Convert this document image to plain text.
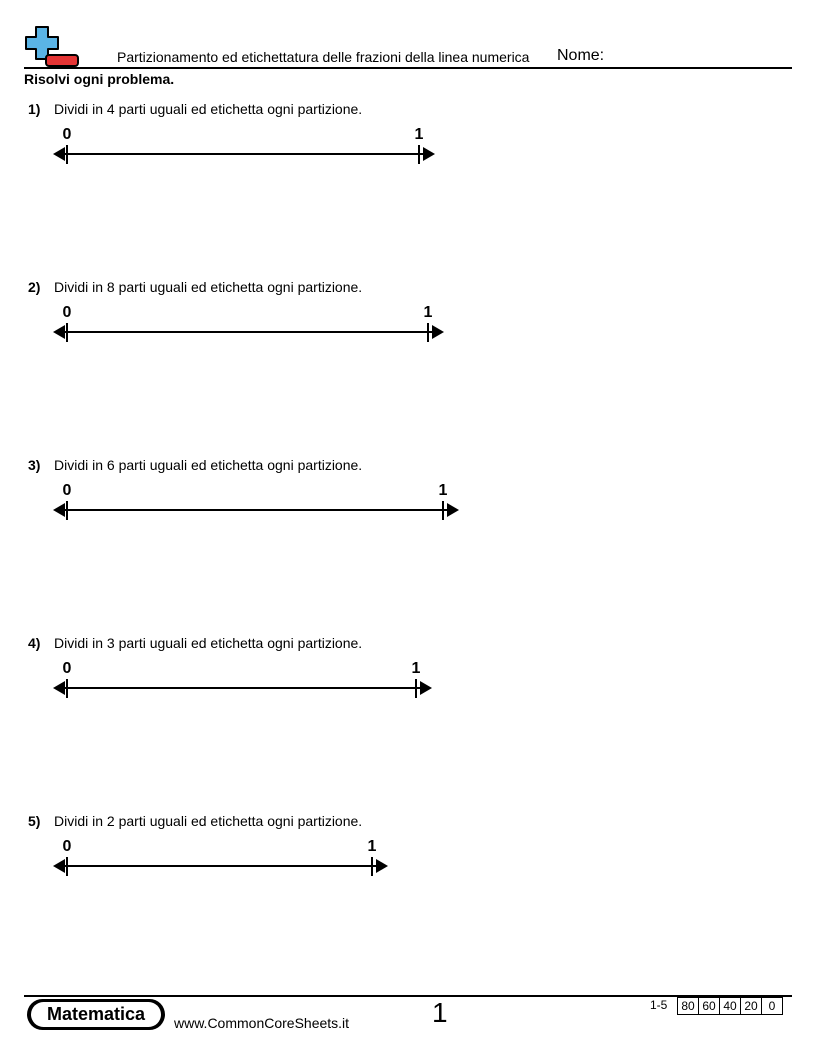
Partizionamento ed etichettatura delle frazioni della linea numerica Nome:
Risolvi ogni problema.
1) Dividi in 4 parti uguali ed etichetta ogni partizione.
0	1
2) Dividi in 8 parti uguali ed etichetta ogni partizione.
0	1
3) Dividi in 6 parti uguali ed etichetta ogni partizione.
0	1
4) Dividi in 3 parti uguali ed etichetta ogni partizione.
0	1
5) Dividi in 2 parti uguali ed etichetta ogni partizione.
0	1
Matematica	www.CommonCoreSheets.it	1	1-5	80 60 40 20 0
